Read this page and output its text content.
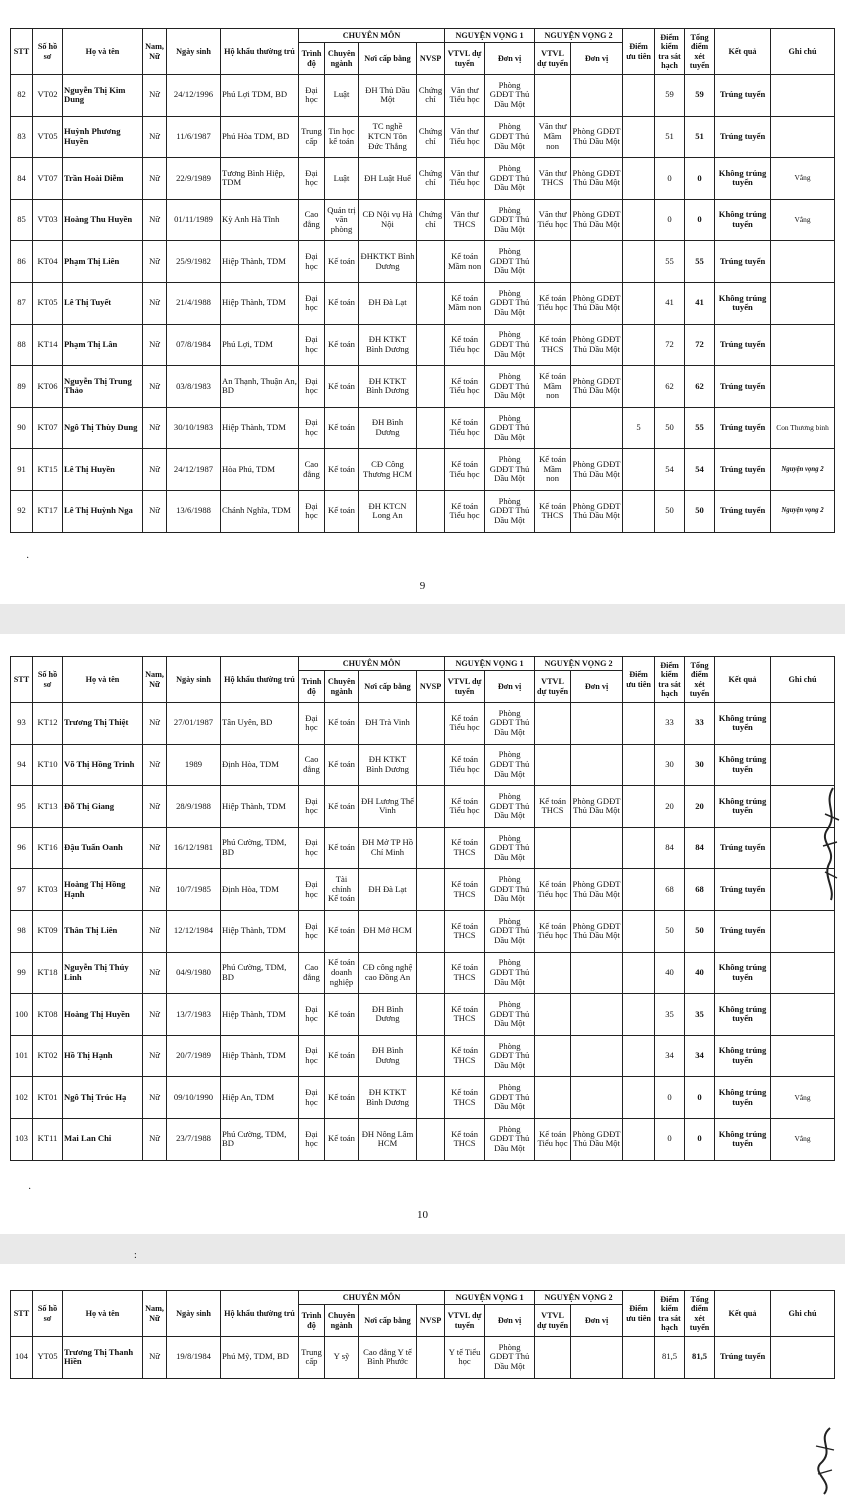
STT	Số hồ sơ	Họ và tên	Nam, Nữ	Ngày sinh	Hộ khẩu thường trú	CHUYÊN MÔN				NGUYỆN VỌNG 1		NGUYỆN VỌNG 2		Điểm ưu tiên	Điểm kiểm tra sát hạch	Tổng điểm xét tuyển	Kết quả	Ghi chú
						Trình độ	Chuyên ngành	Nơi cấp bằng	NVSP	VTVL dự tuyển	Đơn vị	VTVL dự tuyển	Đơn vị					
82	VT02	Nguyễn Thị Kim Dung	Nữ	24/12/1996	Phú Lợi TDM, BD	Đại học	Luật	ĐH Thủ Dầu Một	Chứng chỉ	Văn thư Tiểu học	Phòng GDĐT Thủ Dầu Một				59	59	Trúng tuyển	
83	VT05	Huỳnh Phương Huyền	Nữ	11/6/1987	Phú Hòa TDM, BD	Trung cấp	Tin học kế toán	TC nghề KTCN Tôn Đức Thắng	Chứng chỉ	Văn thư Tiểu học	Phòng GDĐT Thủ Dầu Một	Văn thư Mầm non	Phòng GDĐT Thủ Dầu Một		51	51	Trúng tuyển	
84	VT07	Trần Hoài Diễm	Nữ	22/9/1989	Tương Bình Hiệp, TDM	Đại học	Luật	ĐH Luật Huế	Chứng chỉ	Văn thư Tiểu học	Phòng GDĐT Thủ Dầu Một	Văn thư THCS	Phòng GDĐT Thủ Dầu Một		0	0	Không trúng tuyển	Vắng
85	VT03	Hoàng Thu Huyền	Nữ	01/11/1989	Kỳ Anh Hà Tĩnh	Cao đẳng	Quản trị văn phòng	CĐ Nội vụ Hà Nội	Chứng chỉ	Văn thư THCS	Phòng GDĐT Thủ Dầu Một	Văn thư Tiểu học	Phòng GDĐT Thủ Dầu Một		0	0	Không trúng tuyển	Vắng
86	KT04	Phạm Thị Liên	Nữ	25/9/1982	Hiệp Thành, TDM	Đại học	Kế toán	ĐHKTKT Bình Dương		Kế toán Mầm non	Phòng GDĐT Thủ Dầu Một				55	55	Trúng tuyển	
87	KT05	Lê Thị Tuyết	Nữ	21/4/1988	Hiệp Thành, TDM	Đại học	Kế toán	ĐH Đà Lạt		Kế toán Mầm non	Phòng GDĐT Thủ Dầu Một	Kế toán Tiểu học	Phòng GDĐT Thủ Dầu Một		41	41	Không trúng tuyển	
88	KT14	Phạm Thị Lân	Nữ	07/8/1984	Phú Lợi, TDM	Đại học	Kế toán	ĐH KTKT Bình Dương		Kế toán Tiểu học	Phòng GDĐT Thủ Dầu Một	Kế toán THCS	Phòng GDĐT Thủ Dầu Một		72	72	Trúng tuyển	
89	KT06	Nguyễn Thị Trung Thảo	Nữ	03/8/1983	An Thạnh, Thuận An, BD	Đại học	Kế toán	ĐH KTKT Bình Dương		Kế toán Tiểu học	Phòng GDĐT Thủ Dầu Một	Kế toán Mầm non	Phòng GDĐT Thủ Dầu Một		62	62	Trúng tuyển	
90	KT07	Ngô Thị Thùy Dung	Nữ	30/10/1983	Hiệp Thành, TDM	Đại học	Kế toán	ĐH Bình Dương		Kế toán Tiểu học	Phòng GDĐT Thủ Dầu Một			5	50	55	Trúng tuyển	Con Thương binh
91	KT15	Lê Thị Huyền	Nữ	24/12/1987	Hòa Phú, TDM	Cao đẳng	Kế toán	CĐ Công Thương HCM		Kế toán Tiểu học	Phòng GDĐT Thủ Dầu Một	Kế toán Mầm non	Phòng GDĐT Thủ Dầu Một		54	54	Trúng tuyển	Nguyện vọng 2
92	KT17	Lê Thị Huỳnh Nga	Nữ	13/6/1988	Chánh Nghĩa, TDM	Đại học	Kế toán	ĐH KTCN Long An		Kế toán Tiểu học	Phòng GDĐT Thủ Dầu Một	Kế toán THCS	Phòng GDĐT Thủ Dầu Một		50	50	Trúng tuyển	Nguyện vọng 2
·
9
STT	Số hồ sơ	Họ và tên	Nam, Nữ	Ngày sinh	Hộ khẩu thường trú	CHUYÊN MÔN				NGUYỆN VỌNG 1		NGUYỆN VỌNG 2		Điểm ưu tiên	Điểm kiểm tra sát hạch	Tổng điểm xét tuyển	Kết quả	Ghi chú
						Trình độ	Chuyên ngành	Nơi cấp bằng	NVSP	VTVL dự tuyển	Đơn vị	VTVL dự tuyển	Đơn vị					
93	KT12	Trương Thị Thiệt	Nữ	27/01/1987	Tân Uyên, BD	Đại học	Kế toán	ĐH Trà Vinh		Kế toán Tiểu học	Phòng GDĐT Thủ Dầu Một				33	33	Không trúng tuyển	
94	KT10	Võ Thị Hồng Trinh	Nữ	1989	Định Hòa, TDM	Cao đẳng	Kế toán	ĐH KTKT Bình Dương		Kế toán Tiểu học	Phòng GDĐT Thủ Dầu Một				30	30	Không trúng tuyển	
95	KT13	Đỗ Thị Giang	Nữ	28/9/1988	Hiệp Thành, TDM	Đại học	Kế toán	ĐH Lương Thế Vinh		Kế toán Tiểu học	Phòng GDĐT Thủ Dầu Một	Kế toán THCS	Phòng GDĐT Thủ Dầu Một		20	20	Không trúng tuyển	
96	KT16	Đậu Tuấn Oanh	Nữ	16/12/1981	Phú Cường, TDM, BD	Đại học	Kế toán	ĐH Mở TP Hồ Chí Minh		Kế toán THCS	Phòng GDĐT Thủ Dầu Một				84	84	Trúng tuyển	
97	KT03	Hoàng Thị Hồng Hạnh	Nữ	10/7/1985	Định Hòa, TDM	Đại học	Tài chính Kế toán	ĐH Đà Lạt		Kế toán THCS	Phòng GDĐT Thủ Dầu Một	Kế toán Tiểu học	Phòng GDĐT Thủ Dầu Một		68	68	Trúng tuyển	
98	KT09	Thân Thị Liên	Nữ	12/12/1984	Hiệp Thành, TDM	Đại học	Kế toán	ĐH Mở HCM		Kế toán THCS	Phòng GDĐT Thủ Dầu Một	Kế toán Tiểu học	Phòng GDĐT Thủ Dầu Một		50	50	Trúng tuyển	
99	KT18	Nguyễn Thị Thúy Linh	Nữ	04/9/1980	Phú Cường, TDM, BD	Cao đẳng	Kế toán doanh nghiệp	CĐ công nghệ cao Đồng An		Kế toán THCS	Phòng GDĐT Thủ Dầu Một				40	40	Không trúng tuyển	
100	KT08	Hoàng Thị Huyền	Nữ	13/7/1983	Hiệp Thành, TDM	Đại học	Kế toán	ĐH Bình Dương		Kế toán THCS	Phòng GDĐT Thủ Dầu Một				35	35	Không trúng tuyển	
101	KT02	Hồ Thị Hạnh	Nữ	20/7/1989	Hiệp Thành, TDM	Đại học	Kế toán	ĐH Bình Dương		Kế toán THCS	Phòng GDĐT Thủ Dầu Một				34	34	Không trúng tuyển	
102	KT01	Ngô Thị Trúc Hạ	Nữ	09/10/1990	Hiệp An, TDM	Đại học	Kế toán	ĐH KTKT Bình Dương		Kế toán THCS	Phòng GDĐT Thủ Dầu Một				0	0	Không trúng tuyển	Vắng
103	KT11	Mai Lan Chi	Nữ	23/7/1988	Phú Cường, TDM, BD	Đại học	Kế toán	ĐH Nông Lâm HCM		Kế toán THCS	Phòng GDĐT Thủ Dầu Một	Kế toán Tiểu học	Phòng GDĐT Thủ Dầu Một		0	0	Không trúng tuyển	Vắng
·
10
:
STT	Số hồ sơ	Họ và tên	Nam, Nữ	Ngày sinh	Hộ khẩu thường trú	CHUYÊN MÔN				NGUYỆN VỌNG 1		NGUYỆN VỌNG 2		Điểm ưu tiên	Điểm kiểm tra sát hạch	Tổng điểm xét tuyển	Kết quả	Ghi chú
						Trình độ	Chuyên ngành	Nơi cấp bằng	NVSP	VTVL dự tuyển	Đơn vị	VTVL dự tuyển	Đơn vị					
104	YT05	Trương Thị Thanh Hiền	Nữ	19/8/1984	Phú Mỹ, TDM, BD	Trung cấp	Y sỹ	Cao đẳng Y tế Bình Phước		Y tế Tiểu học	Phòng GDĐT Thủ Dầu Một				81,5	81,5	Trúng tuyển	
